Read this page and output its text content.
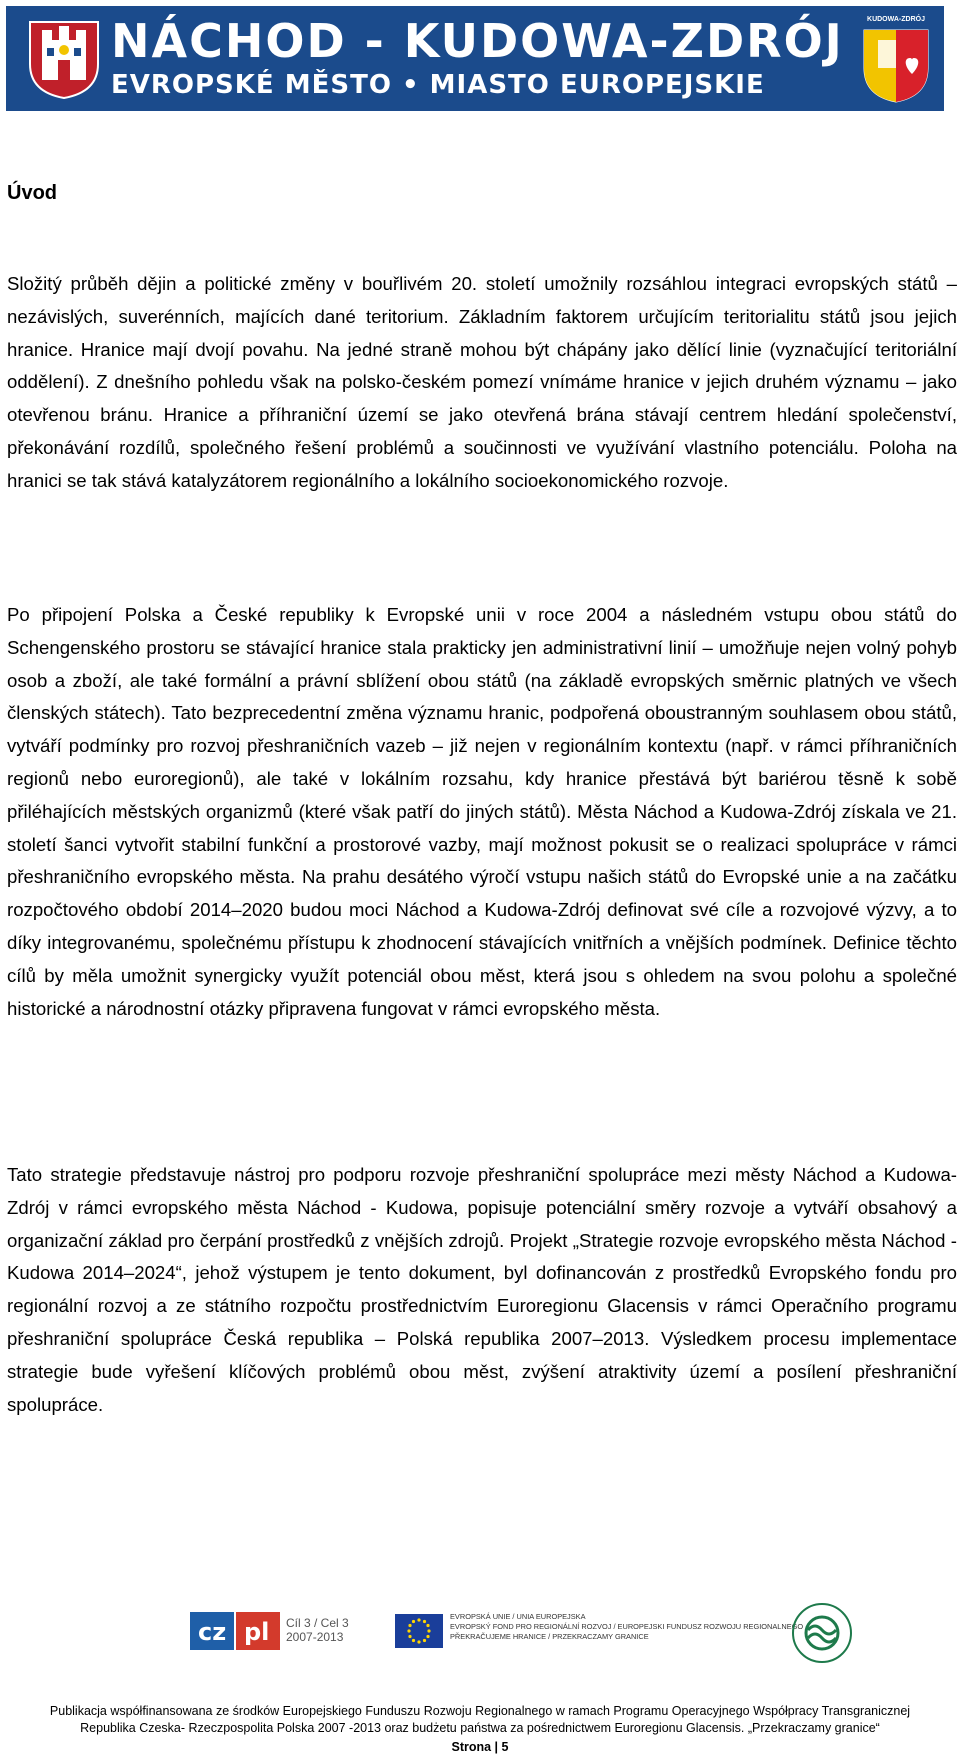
NÁCHOD - KUDOWA-ZDRÓJ
EVROPSKÉ MĚSTO • MIASTO EUROPEJSKIE
KUDOWA-ZDRÓJ
Úvod

Složitý průběh dějin a politické změny v bouřlivém 20. století umožnily rozsáhlou integraci evropských států – nezávislých, suverénních, majících dané teritorium. Základním faktorem určujícím teritorialitu států jsou jejich hranice. Hranice mají dvojí povahu. Na jedné straně mohou být chápány jako dělící linie (vyznačující teritoriální oddělení). Z dnešního pohledu však na polsko-českém pomezí vnímáme hranice v jejich druhém významu – jako otevřenou bránu. Hranice a příhraniční území se jako otevřená brána stávají centrem hledání společenství, překonávání rozdílů, společného řešení problémů a součinnosti ve využívání vlastního potenciálu. Poloha na hranici se tak stává katalyzátorem regionálního a lokálního socioekonomického rozvoje.

Po připojení Polska a České republiky k Evropské unii v roce 2004 a následném vstupu obou států do Schengenského prostoru se stávající hranice stala prakticky jen administrativní linií – umožňuje nejen volný pohyb osob a zboží, ale také formální a právní sblížení obou států (na základě evropských směrnic platných ve všech členských státech). Tato bezprecedentní změna významu hranic, podpořená oboustranným souhlasem obou států, vytváří podmínky pro rozvoj přeshraničních vazeb – již nejen v regionálním kontextu (např. v rámci příhraničních regionů nebo euroregionů), ale také v lokálním rozsahu, kdy hranice přestává být bariérou těsně k sobě přiléhajících městských organizmů (které však patří do jiných států). Města Náchod a Kudowa-Zdrój získala ve 21. století šanci vytvořit stabilní funkční a prostorové vazby, mají možnost pokusit se o realizaci spolupráce v rámci přeshraničního evropského města. Na prahu desátého výročí vstupu našich států do Evropské unie a na začátku rozpočtového období 2014–2020 budou moci Náchod a Kudowa-Zdrój definovat své cíle a rozvojové výzvy, a to díky integrovanému, společnému přístupu k zhodnocení stávajících vnitřních a vnějších podmínek. Definice těchto cílů by měla umožnit synergicky využít potenciál obou měst, která jsou s ohledem na svou polohu a společné historické a národnostní otázky připravena fungovat v rámci evropského města.

Tato strategie představuje nástroj pro podporu rozvoje přeshraniční spolupráce mezi městy Náchod a Kudowa-Zdrój v rámci evropského města Náchod - Kudowa, popisuje potenciální směry rozvoje a vytváří obsahový a organizační základ pro čerpání prostředků z vnějších zdrojů. Projekt „Strategie rozvoje evropského města Náchod - Kudowa 2014–2024“, jehož výstupem je tento dokument, byl dofinancován z prostředků Evropského fondu pro regionální rozvoj a ze státního rozpočtu prostřednictvím Euroregionu Glacensis v rámci Operačního programu přeshraniční spolupráce Česká republika – Polská republika 2007–2013. Výsledkem procesu implementace strategie bude vyřešení klíčových problémů obou měst, zvýšení atraktivity území a posílení přeshraniční spolupráce.

cz pl Cíl 3 / Cel 3
2007-2013
EVROPSKÁ UNIE / UNIA EUROPEJSKA
EVROPSKÝ FOND PRO REGIONÁLNÍ ROZVOJ / EUROPEJSKI FUNDUSZ ROZWOJU REGIONALNEGO
PŘEKRAČUJEME HRANICE / PRZEKRACZAMY GRANICE
Publikacja współfinansowana ze środków Europejskiego Funduszu Rozwoju Regionalnego w ramach Programu Operacyjnego Współpracy Transgranicznej
Republika Czeska- Rzeczpospolita Polska 2007 -2013 oraz budżetu państwa za pośrednictwem Euroregionu Glacensis. „Przekraczamy granice“
Strona | 5
